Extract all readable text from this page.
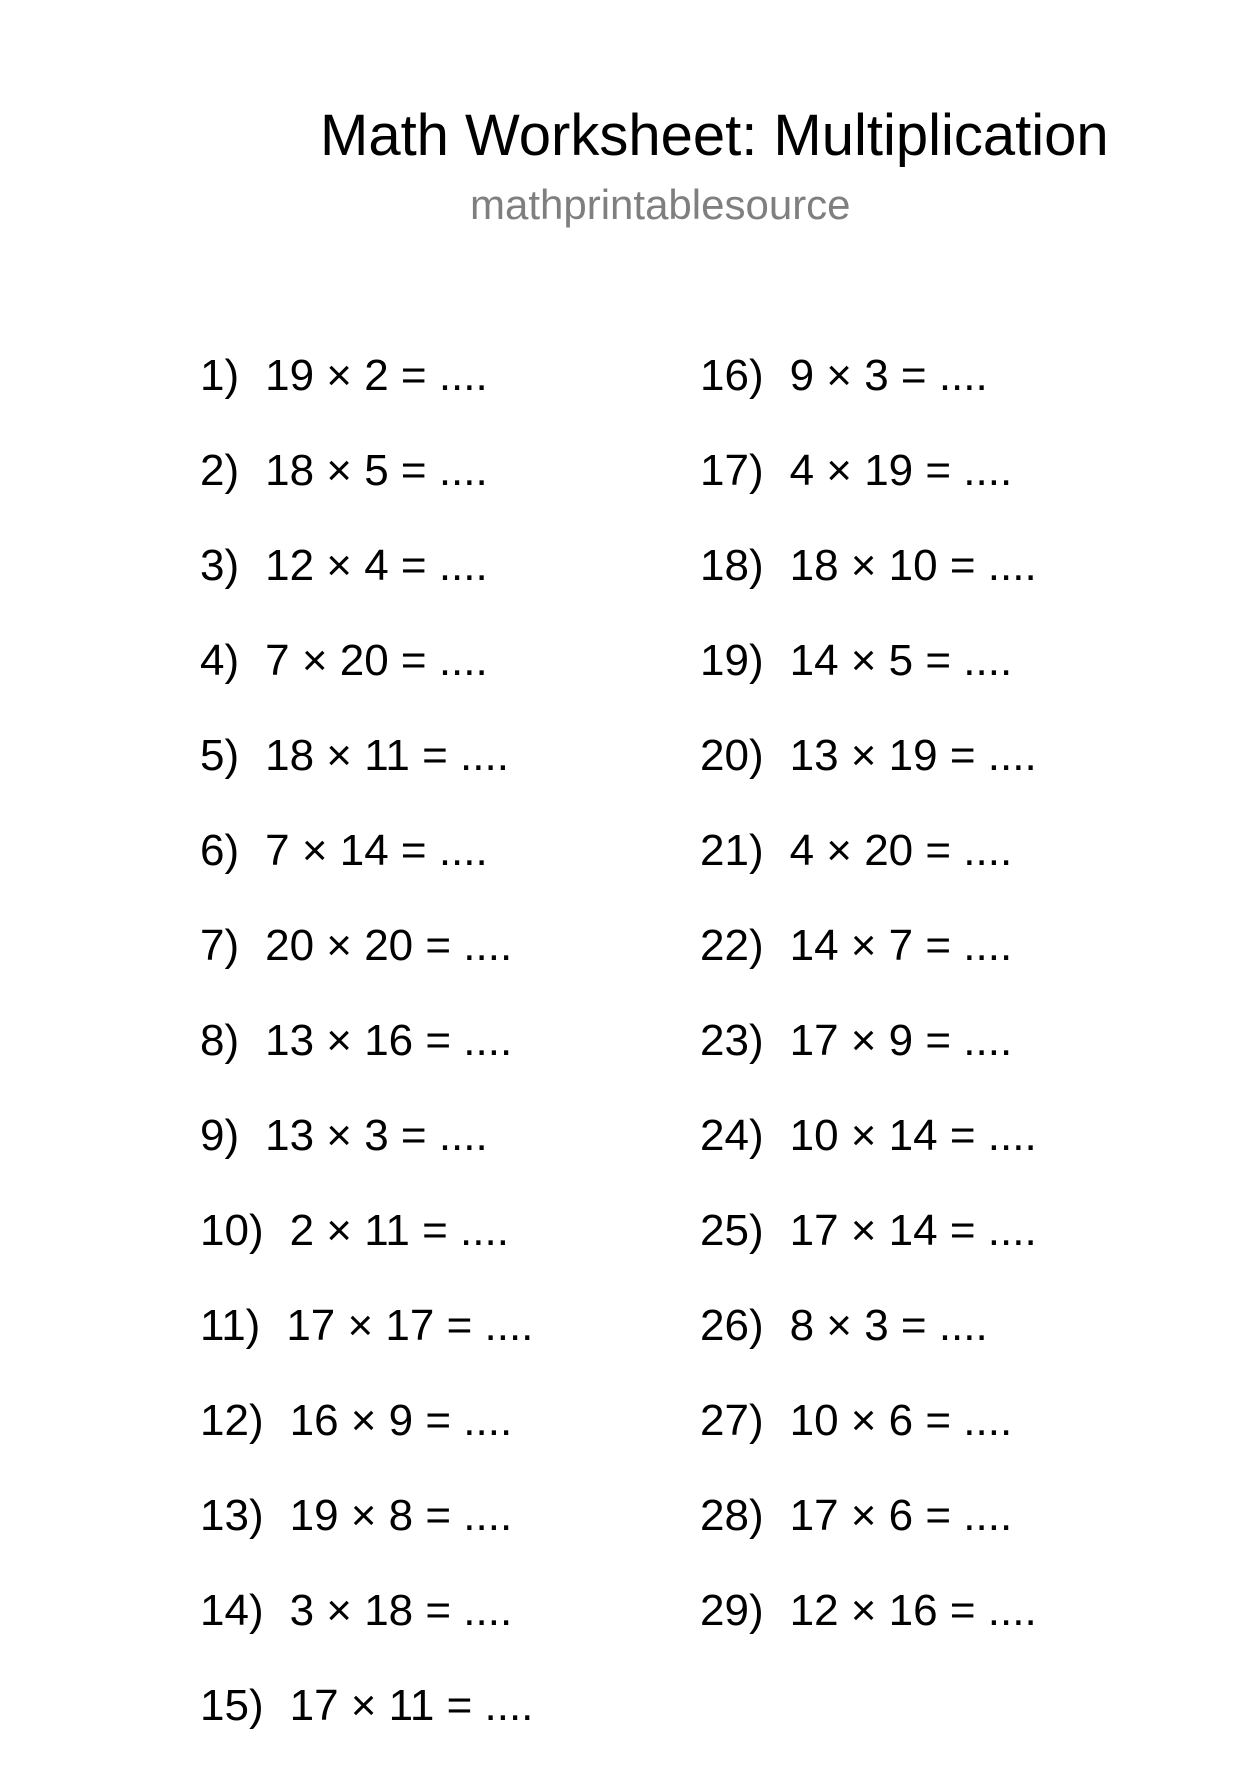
Math Worksheet: Multiplication
mathprintablesource
1) 19 × 2 = ....
2) 18 × 5 = ....
3) 12 × 4 = ....
4) 7 × 20 = ....
5) 18 × 11 = ....
6) 7 × 14 = ....
7) 20 × 20 = ....
8) 13 × 16 = ....
9) 13 × 3 = ....
10) 2 × 11 = ....
11) 17 × 17 = ....
12) 16 × 9 = ....
13) 19 × 8 = ....
14) 3 × 18 = ....
15) 17 × 11 = ....
16) 9 × 3 = ....
17) 4 × 19 = ....
18) 18 × 10 = ....
19) 14 × 5 = ....
20) 13 × 19 = ....
21) 4 × 20 = ....
22) 14 × 7 = ....
23) 17 × 9 = ....
24) 10 × 14 = ....
25) 17 × 14 = ....
26) 8 × 3 = ....
27) 10 × 6 = ....
28) 17 × 6 = ....
29) 12 × 16 = ....
